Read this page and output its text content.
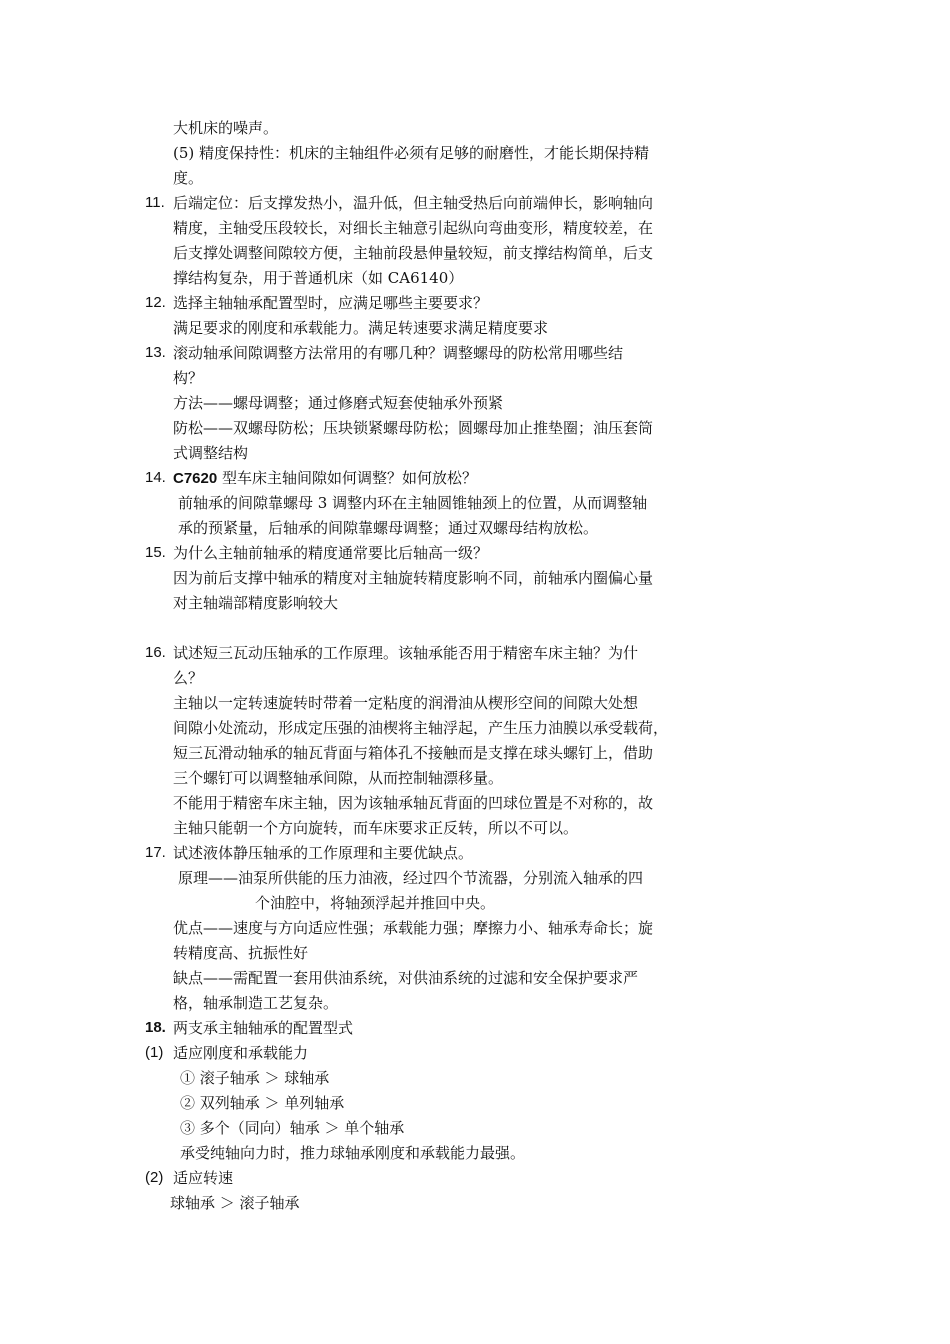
大机床的噪声。
(5) 精度保持性：机床的主轴组件必须有足够的耐磨性，才能长期保持精
度。
11. 后端定位：后支撑发热小，温升低，但主轴受热后向前端伸长，影响轴向
精度，主轴受压段较长，对细长主轴意引起纵向弯曲变形，精度较差，在
后支撑处调整间隙较方便，主轴前段悬伸量较短，前支撑结构简单，后支
撑结构复杂，用于普通机床（如 CA6140）
12. 选择主轴轴承配置型时，应满足哪些主要要求？
满足要求的刚度和承载能力。满足转速要求满足精度要求
13. 滚动轴承间隙调整方法常用的有哪几种？调整螺母的防松常用哪些结
构？
方法——螺母调整；通过修磨式短套使轴承外预紧
防松——双螺母防松；压块锁紧螺母防松；圆螺母加止推垫圈；油压套筒
式调整结构
14. C7620 型车床主轴间隙如何调整？如何放松？
前轴承的间隙靠螺母 3 调整内环在主轴圆锥轴颈上的位置，从而调整轴
承的预紧量，后轴承的间隙靠螺母调整；通过双螺母结构放松。
15. 为什么主轴前轴承的精度通常要比后轴高一级？
因为前后支撑中轴承的精度对主轴旋转精度影响不同，前轴承内圈偏心量
对主轴端部精度影响较大
16. 试述短三瓦动压轴承的工作原理。该轴承能否用于精密车床主轴？为什
么？
主轴以一定转速旋转时带着一定粘度的润滑油从楔形空间的间隙大处想
间隙小处流动，形成定压强的油楔将主轴浮起，产生压力油膜以承受载荷，
短三瓦滑动轴承的轴瓦背面与箱体孔不接触而是支撑在球头螺钉上，借助
三个螺钉可以调整轴承间隙，从而控制轴漂移量。
不能用于精密车床主轴，因为该轴承轴瓦背面的凹球位置是不对称的，故
主轴只能朝一个方向旋转，而车床要求正反转，所以不可以。
17. 试述液体静压轴承的工作原理和主要优缺点。
原理——油泵所供能的压力油液，经过四个节流器，分别流入轴承的四
个油腔中，将轴颈浮起并推回中央。
优点——速度与方向适应性强；承载能力强；摩擦力小、轴承寿命长；旋
转精度高、抗振性好
缺点——需配置一套用供油系统，对供油系统的过滤和安全保护要求严
格，轴承制造工艺复杂。
18. 两支承主轴轴承的配置型式
(1) 适应刚度和承载能力
① 滚子轴承 ＞ 球轴承
② 双列轴承 ＞ 单列轴承
③ 多个（同向）轴承 ＞ 单个轴承
承受纯轴向力时，推力球轴承刚度和承载能力最强。
(2) 适应转速
球轴承 ＞ 滚子轴承
